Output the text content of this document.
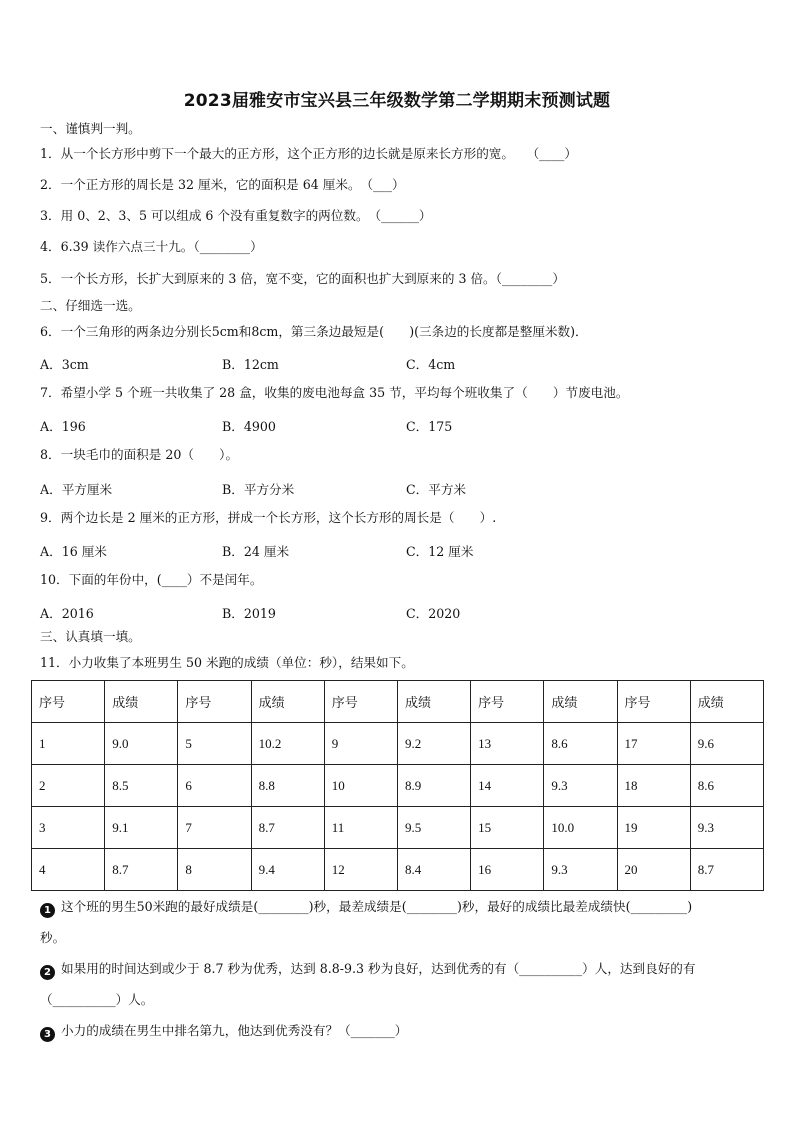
2023届雅安市宝兴县三年级数学第二学期期末预测试题
一、谨慎判一判。
1．从一个长方形中剪下一个最大的正方形，这个正方形的边长就是原来长方形的宽。　　（____）
2．一个正方形的周长是 32 厘米，它的面积是 64 厘米。　（___）
3．用 0、2、3、5 可以组成 6 个没有重复数字的两位数。　（______）
4．6.39 读作六点三十九。（________）
5．一个长方形，长扩大到原来的 3 倍，宽不变，它的面积也扩大到原来的 3 倍。（________）
二、仔细选一选。
6．一个三角形的两条边分别长5cm和8cm，第三条边最短是(　　)(三条边的长度都是整厘米数)．
A．3cm	B．12cm	C．4cm
7．希望小学 5 个班一共收集了 28 盒，收集的废电池每盒 35 节，平均每个班收集了（　　）节废电池。
A．196	B．4900	C．175
8．一块毛巾的面积是 20（　　）。
A．平方厘米	B．平方分米	C．平方米
9．两个边长是 2 厘米的正方形，拼成一个长方形，这个长方形的周长是（　　）.
A．16 厘米	B．24 厘米	C．12 厘米
10．下面的年份中，(____）不是闰年。
A．2016	B．2019	C．2020
三、认真填一填。
11．小力收集了本班男生 50 米跑的成绩（单位：秒），结果如下。
序号	成绩	序号	成绩	序号	成绩	序号	成绩	序号	成绩
1	9.0	5	10.2	9	9.2	13	8.6	17	9.6
2	8.5	6	8.8	10	8.9	14	9.3	18	8.6
3	9.1	7	8.7	11	9.5	15	10.0	19	9.3
4	8.7	8	9.4	12	8.4	16	9.3	20	8.7
1 这个班的男生50米跑的最好成绩是(________)秒，最差成绩是(________)秒，最好的成绩比最差成绩快(_________)
秒。
2 如果用的时间达到或少于 8.7 秒为优秀，达到 8.8-9.3 秒为良好，达到优秀的有（__________）人，达到良好的有
（__________）人。
3 小力的成绩在男生中排名第九，他达到优秀没有？（_______）
